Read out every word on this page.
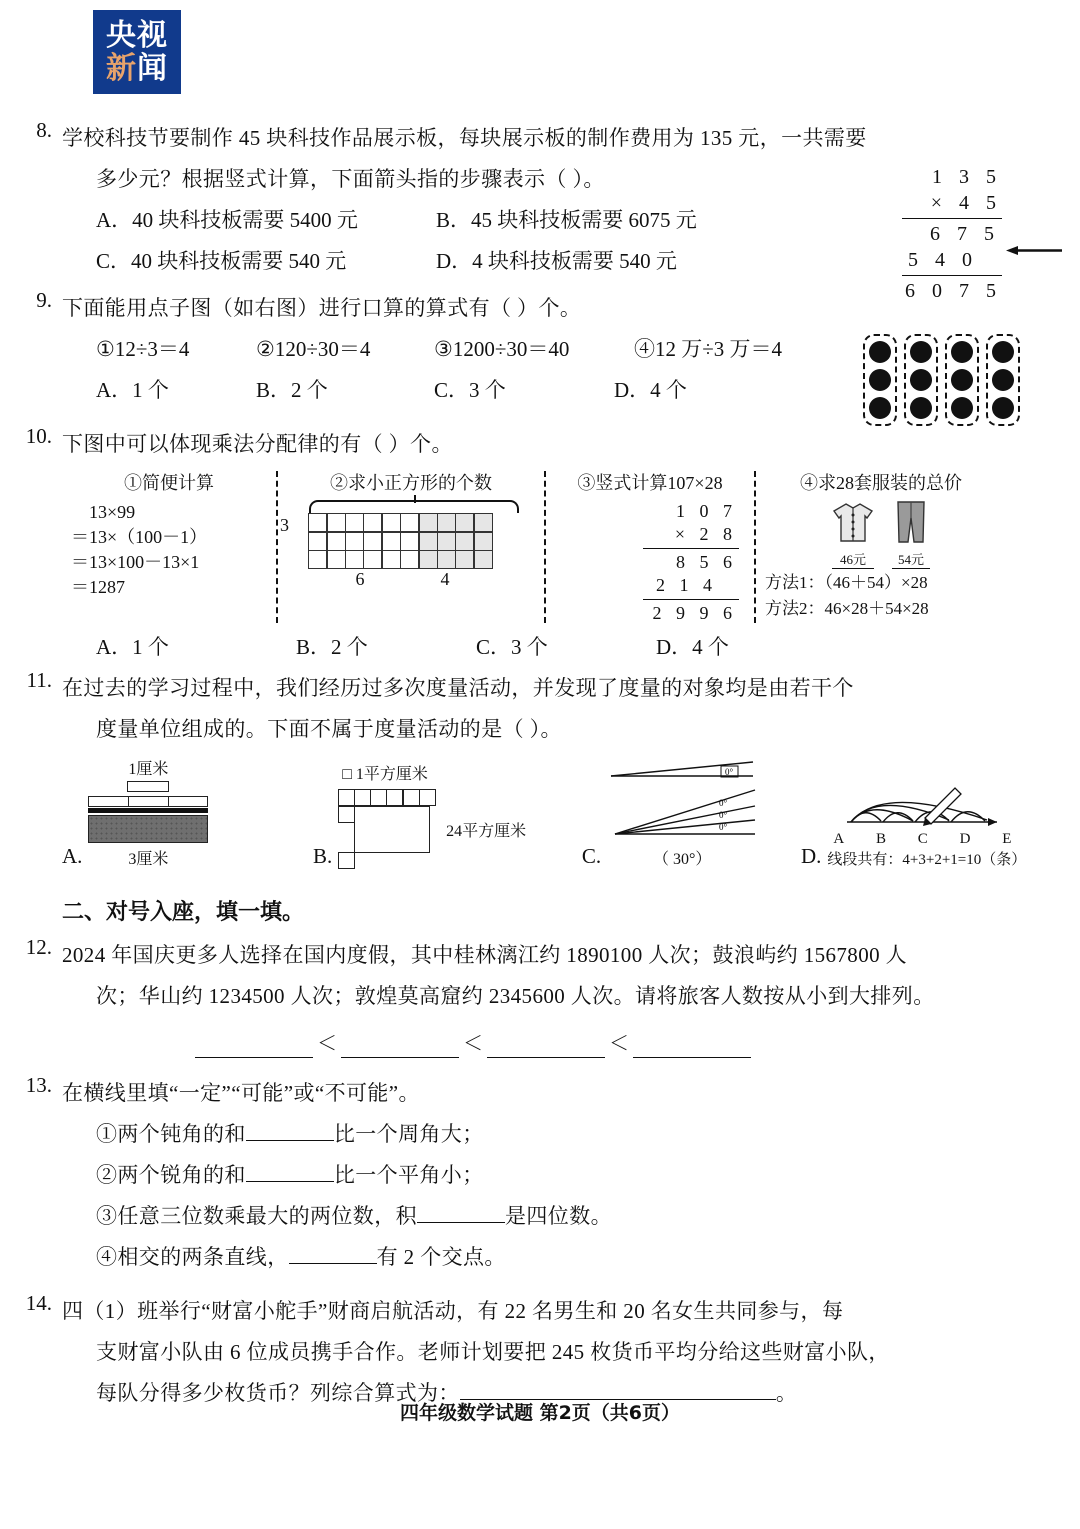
央视
新闻
8. 学校科技节要制作 45 块科技作品展示板，每块展示板的制作费用为 135 元，一共需要
多少元？根据竖式计算，下面箭头指的步骤表示（ ）。
A．40 块科技板需要 5400 元	B．45 块科技板需要 6075 元
C．40 块科技板需要 540 元	D．4 块科技板需要 540 元
1 3 5
× 4 5
6 7 5
5 4 0
6 0 7 5
9. 下面能用点子图（如右图）进行口算的算式有（ ）个。
①12÷3＝4	②120÷30＝4	③1200÷30＝40	④12 万÷3 万＝4
A．1 个	B．2 个	C．3 个	D．4 个
10. 下图中可以体现乘法分配律的有（ ）个。
①简便计算
13×99
＝13×（100－1）
＝13×100－13×1
＝1287
②求小正方形的个数
3
6	4
③竖式计算107×28
1 0 7
× 2 8
8 5 6
2 1 4
2 9 9 6
④求28套服装的总价
46元	54元
方法1：（46＋54）×28
方法2：46×28＋54×28
A．1 个	B．2 个	C．3 个	D．4 个
11. 在过去的学习过程中，我们经历过多次度量活动，并发现了度量的对象均是由若干个
度量单位组成的。下面不属于度量活动的是（ ）。
A.
1厘米
3厘米	B.
□ 1平方厘米
24平方厘米
C.
0°
0°
0°
0°
（ 30°）	D.
A B C D E
线段共有：4+3+2+1=10（条）
二、对号入座，填一填。
12. 2024 年国庆更多人选择在国内度假，其中桂林漓江约 1890100 人次；鼓浪屿约 1567800 人
次；华山约 1234500 人次；敦煌莫高窟约 2345600 人次。请将旅客人数按从小到大排列。
＜	＜	＜
13. 在横线里填“一定”“可能”或“不可能”。
①两个钝角的和	比一个周角大；
②两个锐角的和	比一个平角小；
③任意三位数乘最大的两位数，积	是四位数。
④相交的两条直线，	有 2 个交点。
14. 四（1）班举行“财富小舵手”财商启航活动，有 22 名男生和 20 名女生共同参与，每
支财富小队由 6 位成员携手合作。老师计划要把 245 枚货币平均分给这些财富小队，
每队分得多少枚货币？列综合算式为：	。
四年级数学试题 第2页（共6页）
